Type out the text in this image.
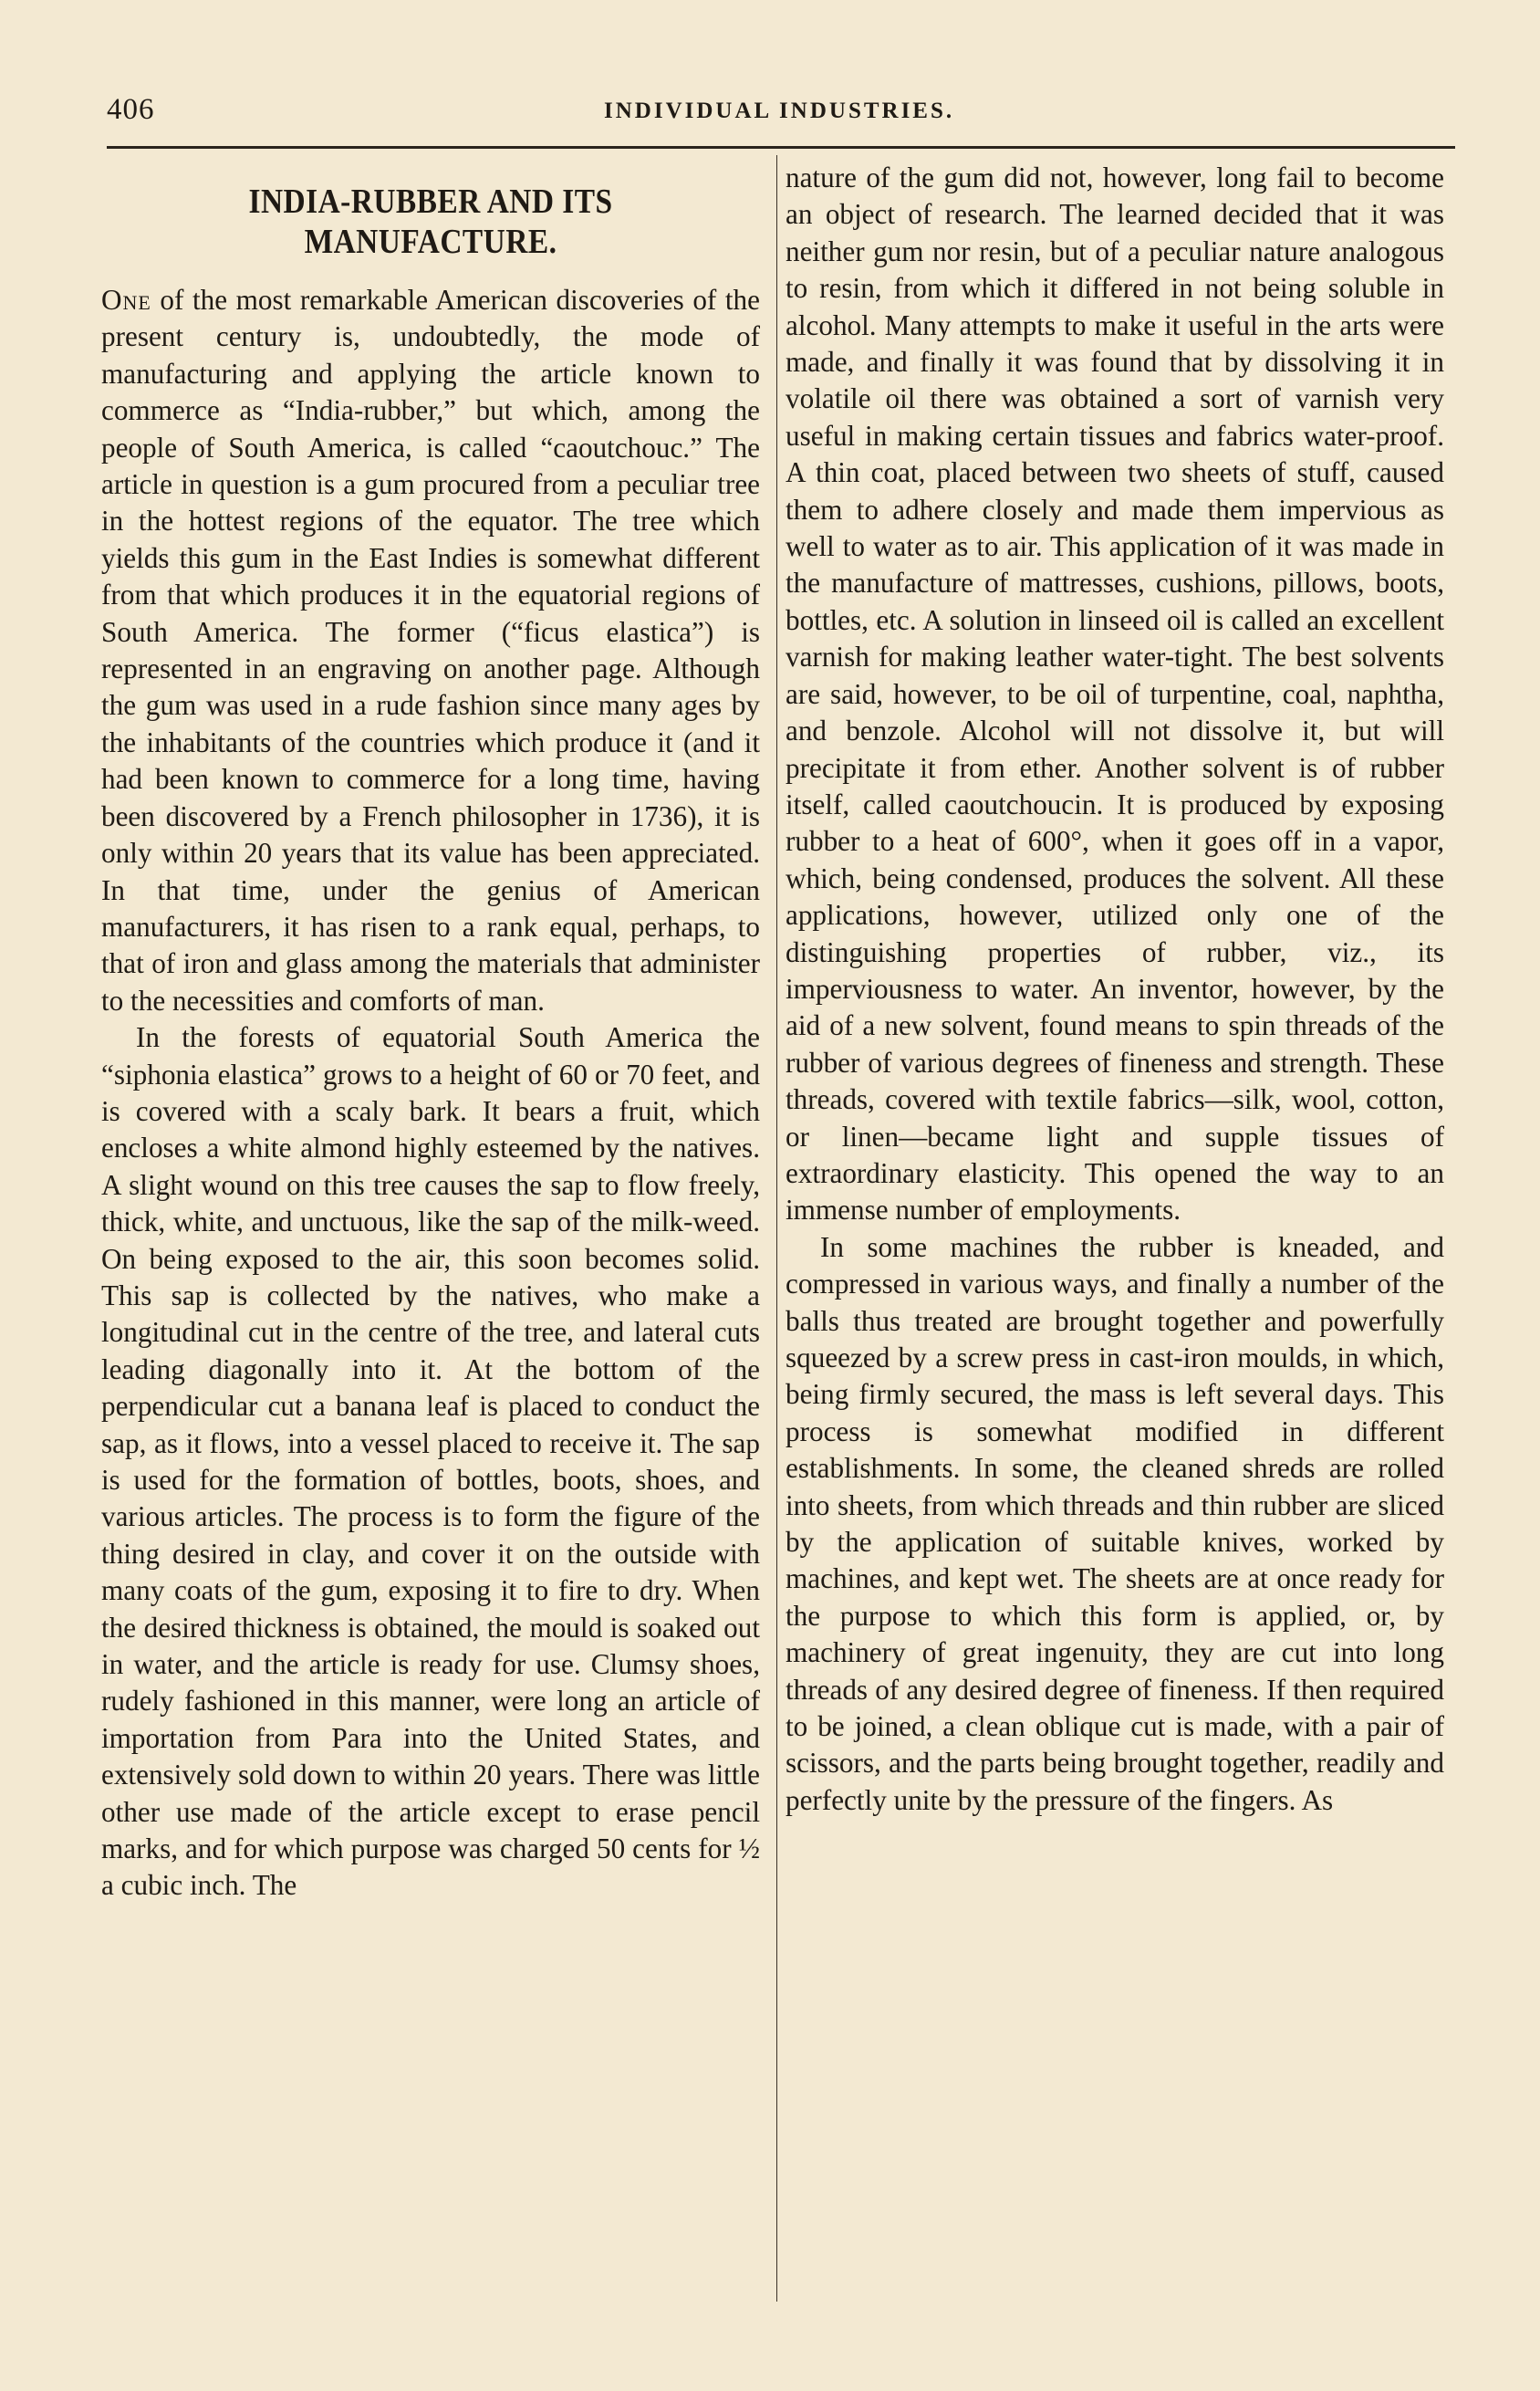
406	INDIVIDUAL INDUSTRIES.
INDIA-RUBBER AND ITS MANUFACTURE.

One of the most remarkable American discoveries of the present century is, undoubtedly, the mode of manufacturing and applying the article known to commerce as “India-rubber,” but which, among the people of South America, is called “caoutchouc.” The article in question is a gum procured from a peculiar tree in the hottest regions of the equator. The tree which yields this gum in the East Indies is somewhat different from that which produces it in the equatorial regions of South America. The former (“ficus elastica”) is represented in an engraving on another page. Although the gum was used in a rude fashion since many ages by the inhabitants of the countries which produce it (and it had been known to commerce for a long time, having been discovered by a French philosopher in 1736), it is only within 20 years that its value has been appreciated. In that time, under the genius of American manufacturers, it has risen to a rank equal, perhaps, to that of iron and glass among the materials that administer to the necessities and comforts of man.

In the forests of equatorial South America the “siphonia elastica” grows to a height of 60 or 70 feet, and is covered with a scaly bark. It bears a fruit, which encloses a white almond highly esteemed by the natives. A slight wound on this tree causes the sap to flow freely, thick, white, and unctuous, like the sap of the milk-weed. On being exposed to the air, this soon becomes solid. This sap is collected by the natives, who make a longitudinal cut in the centre of the tree, and lateral cuts leading diagonally into it. At the bottom of the perpendicular cut a banana leaf is placed to conduct the sap, as it flows, into a vessel placed to receive it. The sap is used for the formation of bottles, boots, shoes, and various articles. The process is to form the figure of the thing desired in clay, and cover it on the outside with many coats of the gum, exposing it to fire to dry. When the desired thickness is obtained, the mould is soaked out in water, and the article is ready for use. Clumsy shoes, rudely fashioned in this manner, were long an article of importation from Para into the United States, and extensively sold down to within 20 years. There was little other use made of the article except to erase pencil marks, and for which purpose was charged 50 cents for ½ a cubic inch. The

nature of the gum did not, however, long fail to become an object of research. The learned decided that it was neither gum nor resin, but of a peculiar nature analogous to resin, from which it differed in not being soluble in alcohol. Many attempts to make it useful in the arts were made, and finally it was found that by dissolving it in volatile oil there was obtained a sort of varnish very useful in making certain tissues and fabrics water-proof. A thin coat, placed between two sheets of stuff, caused them to adhere closely and made them impervious as well to water as to air. This application of it was made in the manufacture of mattresses, cushions, pillows, boots, bottles, etc. A solution in linseed oil is called an excellent varnish for making leather water-tight. The best solvents are said, however, to be oil of turpentine, coal, naphtha, and benzole. Alcohol will not dissolve it, but will precipitate it from ether. Another solvent is of rubber itself, called caoutchoucin. It is produced by exposing rubber to a heat of 600°, when it goes off in a vapor, which, being condensed, produces the solvent. All these applications, however, utilized only one of the distinguishing properties of rubber, viz., its imperviousness to water. An inventor, however, by the aid of a new solvent, found means to spin threads of the rubber of various degrees of fineness and strength. These threads, covered with textile fabrics—silk, wool, cotton, or linen—became light and supple tissues of extraordinary elasticity. This opened the way to an immense number of employments.

In some machines the rubber is kneaded, and compressed in various ways, and finally a number of the balls thus treated are brought together and powerfully squeezed by a screw press in cast-iron moulds, in which, being firmly secured, the mass is left several days. This process is somewhat modified in different establishments. In some, the cleaned shreds are rolled into sheets, from which threads and thin rubber are sliced by the application of suitable knives, worked by machines, and kept wet. The sheets are at once ready for the purpose to which this form is applied, or, by machinery of great ingenuity, they are cut into long threads of any desired degree of fineness. If then required to be joined, a clean oblique cut is made, with a pair of scissors, and the parts being brought together, readily and perfectly unite by the pressure of the fingers. As
